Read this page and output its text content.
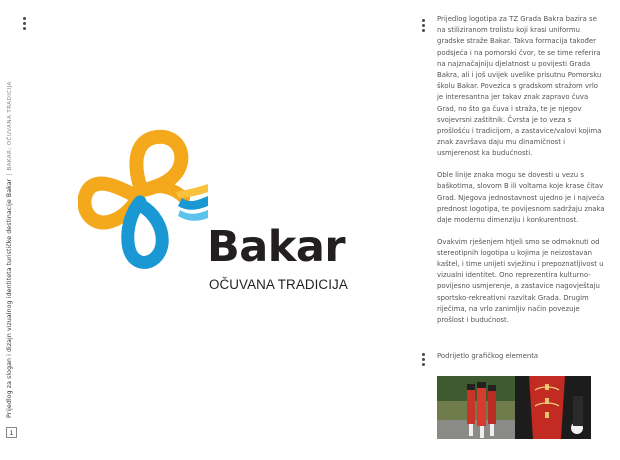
Prijedlog za slogan i dizajn vizualnog identiteta turističke destinacije Bakar|BAKAR: OČUVANA TRADICIJA
1
Bakar
OČUVANA TRADICIJA

Prijedlog logotipa za TZ Grada Bakra bazira se na stiliziranom trolistu koji krasi uniformu gradske straže Bakar. Takva formacija također podsjeća i na pomorski čvor, te se time referira na najznačajniju djelatnost u povijesti Grada Bakra, ali i još uvijek uvelike prisutnu Pomorsku školu Bakar. Povezica s gradskom stražom vrlo je interesantna jer takav znak zapravo čuva Grad, no što ga čuva i straža, te je njegov svojevrsni zaštitnik. Čvrsta je to veza s prošlošću i tradicijom, a zastavice/valovi kojima znak završava daju mu dinamičnost i usmjerenost ka budućnosti.

Oble linije znaka mogu se dovesti u vezu s baškotima, slovom B ili voltama koje krase čitav Grad. Njegova jednostavnost ujedno je i najveća prednost logotipa, te povijesnom sadržaju znaka daje modernu dimenziju i konkurentnost.

Ovakvim rješenjem htjeli smo se odmaknuti od stereotipnih logotipa u kojima je neizostavan kaštel, i time unijeti svježinu i prepoznatljivost u vizualni identitet. Ono reprezentira kulturno-povijesno usmjerenje, a zastavice nagovještaju sportsko-rekreativni razvitak Grada. Drugim riječima, na vrlo zanimljiv način povezuje prošlost i budućnost.

Podrijetlo grafičkog elementa
